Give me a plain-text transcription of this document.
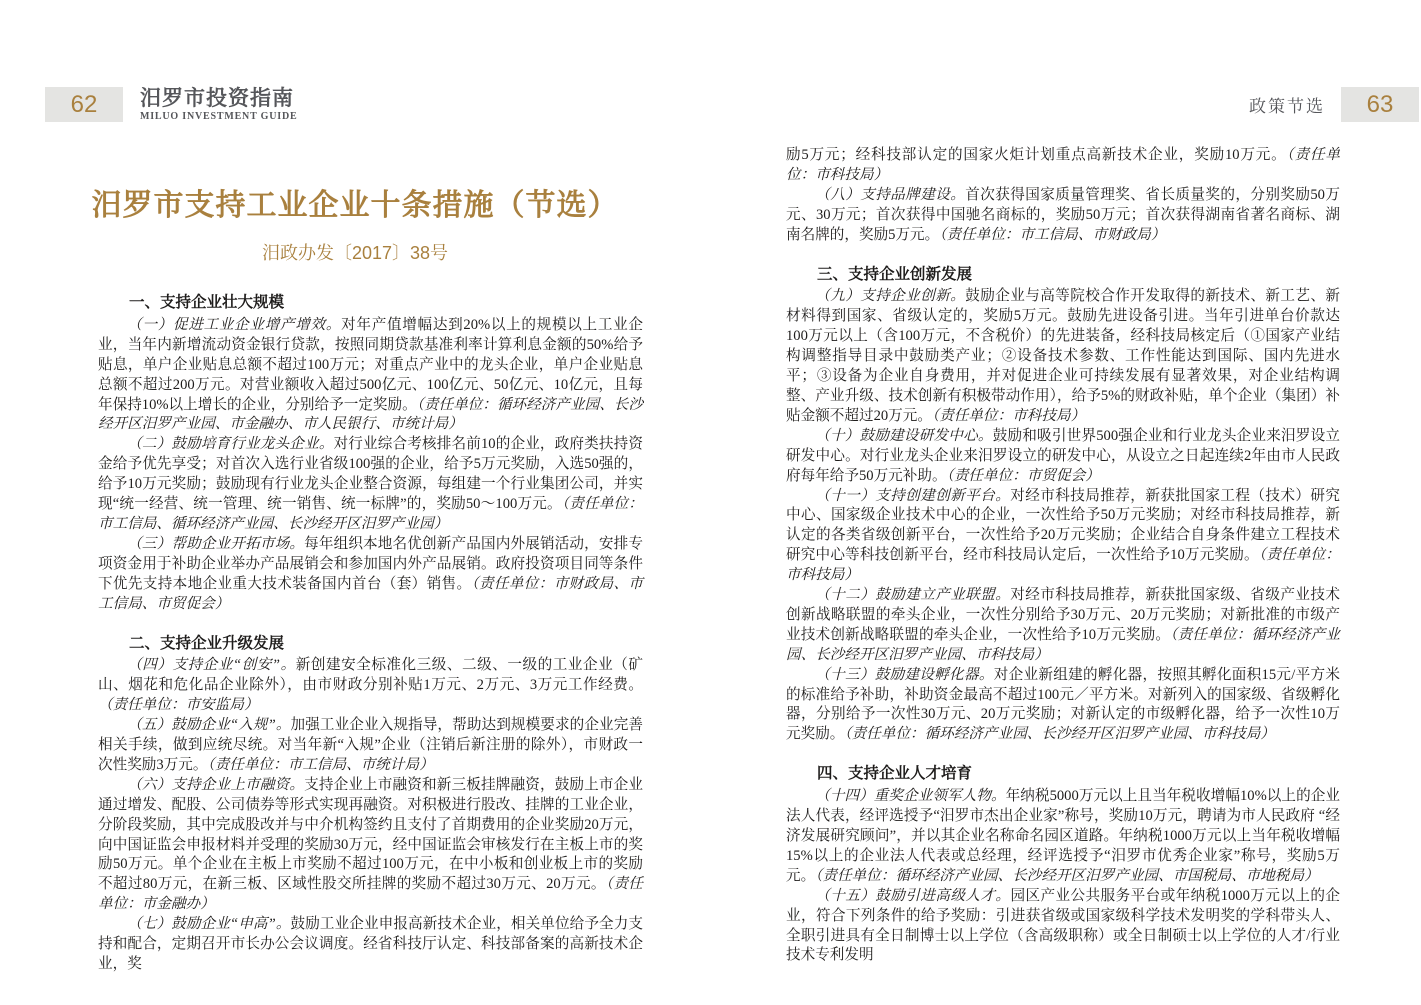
62	汨罗市投资指南
MILUO INVESTMENT GUIDE	政策节选	63
汨罗市支持工业企业十条措施（节选）
汨政办发〔2017〕38号
一、支持企业壮大规模

（一）促进工业企业增产增效。对年产值增幅达到20%以上的规模以上工业企业，当年内新增流动资金银行贷款，按照同期贷款基准利率计算利息金额的50%给予贴息，单户企业贴息总额不超过100万元；对重点产业中的龙头企业，单户企业贴息总额不超过200万元。对营业额收入超过500亿元、100亿元、50亿元、10亿元，且每年保持10%以上增长的企业，分别给予一定奖励。（责任单位：循环经济产业园、长沙经开区汨罗产业园、市金融办、市人民银行、市统计局）

（二）鼓励培育行业龙头企业。对行业综合考核排名前10的企业，政府类扶持资金给予优先享受；对首次入选行业省级100强的企业，给予5万元奖励，入选50强的，给予10万元奖励；鼓励现有行业龙头企业整合资源，每组建一个行业集团公司，并实现“统一经营、统一管理、统一销售、统一标牌”的，奖励50～100万元。（责任单位：市工信局、循环经济产业园、长沙经开区汨罗产业园）

（三）帮助企业开拓市场。每年组织本地名优创新产品国内外展销活动，安排专项资金用于补助企业举办产品展销会和参加国内外产品展销。政府投资项目同等条件下优先支持本地企业重大技术装备国内首台（套）销售。（责任单位：市财政局、市工信局、市贸促会）

二、支持企业升级发展

（四）支持企业“创安”。新创建安全标准化三级、二级、一级的工业企业（矿山、烟花和危化品企业除外），由市财政分别补贴1万元、2万元、3万元工作经费。（责任单位：市安监局）

（五）鼓励企业“入规”。加强工业企业入规指导，帮助达到规模要求的企业完善相关手续，做到应统尽统。对当年新“入规”企业（注销后新注册的除外），市财政一次性奖励3万元。（责任单位：市工信局、市统计局）

（六）支持企业上市融资。支持企业上市融资和新三板挂牌融资，鼓励上市企业通过增发、配股、公司债券等形式实现再融资。对积极进行股改、挂牌的工业企业，分阶段奖励，其中完成股改并与中介机构签约且支付了首期费用的企业奖励20万元，向中国证监会申报材料并受理的奖励30万元，经中国证监会审核发行在主板上市的奖励50万元。单个企业在主板上市奖励不超过100万元，在中小板和创业板上市的奖励不超过80万元，在新三板、区域性股交所挂牌的奖励不超过30万元、20万元。（责任单位：市金融办）

（七）鼓励企业“申高”。鼓励工业企业申报高新技术企业，相关单位给予全力支持和配合，定期召开市长办公会议调度。经省科技厅认定、科技部备案的高新技术企业，奖

励5万元；经科技部认定的国家火炬计划重点高新技术企业，奖励10万元。（责任单位：市科技局）

（八）支持品牌建设。首次获得国家质量管理奖、省长质量奖的，分别奖励50万元、30万元；首次获得中国驰名商标的，奖励50万元；首次获得湖南省著名商标、湖南名牌的，奖励5万元。（责任单位：市工信局、市财政局）

三、支持企业创新发展

（九）支持企业创新。鼓励企业与高等院校合作开发取得的新技术、新工艺、新材料得到国家、省级认定的，奖励5万元。鼓励先进设备引进。当年引进单台价款达100万元以上（含100万元，不含税价）的先进装备，经科技局核定后（①国家产业结构调整指导目录中鼓励类产业；②设备技术参数、工作性能达到国际、国内先进水平；③设备为企业自身费用，并对促进企业可持续发展有显著效果，对企业结构调整、产业升级、技术创新有积极带动作用），给予5%的财政补贴，单个企业（集团）补贴金额不超过20万元。（责任单位：市科技局）

（十）鼓励建设研发中心。鼓励和吸引世界500强企业和行业龙头企业来汨罗设立研发中心。对行业龙头企业来汨罗设立的研发中心，从设立之日起连续2年由市人民政府每年给予50万元补助。（责任单位：市贸促会）

（十一）支持创建创新平台。对经市科技局推荐，新获批国家工程（技术）研究中心、国家级企业技术中心的企业，一次性给予50万元奖励；对经市科技局推荐，新认定的各类省级创新平台，一次性给予20万元奖励；企业结合自身条件建立工程技术研究中心等科技创新平台，经市科技局认定后，一次性给予10万元奖励。（责任单位：市科技局）

（十二）鼓励建立产业联盟。对经市科技局推荐，新获批国家级、省级产业技术创新战略联盟的牵头企业，一次性分别给予30万元、20万元奖励；对新批准的市级产业技术创新战略联盟的牵头企业，一次性给予10万元奖励。（责任单位：循环经济产业园、长沙经开区汨罗产业园、市科技局）

（十三）鼓励建设孵化器。对企业新组建的孵化器，按照其孵化面积15元/平方米的标准给予补助，补助资金最高不超过100元／平方米。对新列入的国家级、省级孵化器，分别给予一次性30万元、20万元奖励；对新认定的市级孵化器，给予一次性10万元奖励。（责任单位：循环经济产业园、长沙经开区汨罗产业园、市科技局）

四、支持企业人才培育

（十四）重奖企业领军人物。年纳税5000万元以上且当年税收增幅10%以上的企业法人代表，经评选授予“汨罗市杰出企业家”称号，奖励10万元，聘请为市人民政府 “经济发展研究顾问”，并以其企业名称命名园区道路。年纳税1000万元以上当年税收增幅15%以上的企业法人代表或总经理，经评选授予“汨罗市优秀企业家”称号，奖励5万元。（责任单位：循环经济产业园、长沙经开区汨罗产业园、市国税局、市地税局）

（十五）鼓励引进高级人才。园区产业公共服务平台或年纳税1000万元以上的企业，符合下列条件的给予奖励：引进获省级或国家级科学技术发明奖的学科带头人、全职引进具有全日制博士以上学位（含高级职称）或全日制硕士以上学位的人才/行业技术专利发明
